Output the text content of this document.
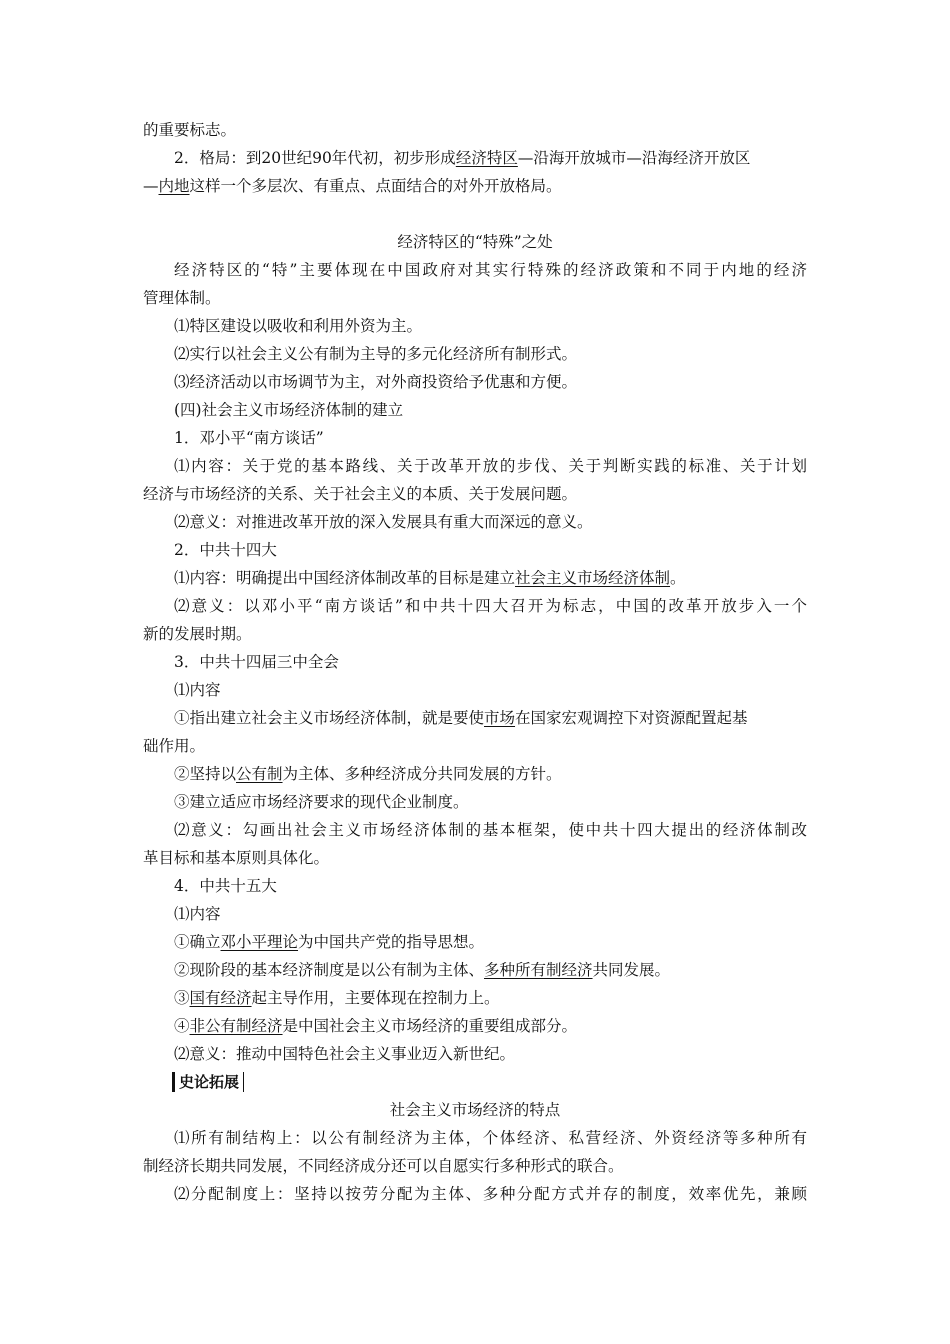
的重要标志。
2．格局：到20世纪90年代初，初步形成经济特区—沿海开放城市—沿海经济开放区
—内地这样一个多层次、有重点、点面结合的对外开放格局。
经济特区的“特殊”之处
经济特区的“特”主要体现在中国政府对其实行特殊的经济政策和不同于内地的经济
管理体制。
⑴特区建设以吸收和利用外资为主。
⑵实行以社会主义公有制为主导的多元化经济所有制形式。
⑶经济活动以市场调节为主，对外商投资给予优惠和方便。
(四)社会主义市场经济体制的建立
1．邓小平“南方谈话”
⑴内容：关于党的基本路线、关于改革开放的步伐、关于判断实践的标准、关于计划
经济与市场经济的关系、关于社会主义的本质、关于发展问题。
⑵意义：对推进改革开放的深入发展具有重大而深远的意义。
2．中共十四大
⑴内容：明确提出中国经济体制改革的目标是建立社会主义市场经济体制。
⑵意义：以邓小平“南方谈话”和中共十四大召开为标志，中国的改革开放步入一个
新的发展时期。
3．中共十四届三中全会
⑴内容
①指出建立社会主义市场经济体制，就是要使市场在国家宏观调控下对资源配置起基
础作用。
②坚持以公有制为主体、多种经济成分共同发展的方针。
③建立适应市场经济要求的现代企业制度。
⑵意义：勾画出社会主义市场经济体制的基本框架，使中共十四大提出的经济体制改
革目标和基本原则具体化。
4．中共十五大
⑴内容
①确立邓小平理论为中国共产党的指导思想。
②现阶段的基本经济制度是以公有制为主体、多种所有制经济共同发展。
③国有经济起主导作用，主要体现在控制力上。
④非公有制经济是中国社会主义市场经济的重要组成部分。
⑵意义：推动中国特色社会主义事业迈入新世纪。
史论拓展
社会主义市场经济的特点
⑴所有制结构上：以公有制经济为主体，个体经济、私营经济、外资经济等多种所有
制经济长期共同发展，不同经济成分还可以自愿实行多种形式的联合。
⑵分配制度上：坚持以按劳分配为主体、多种分配方式并存的制度，效率优先，兼顾
